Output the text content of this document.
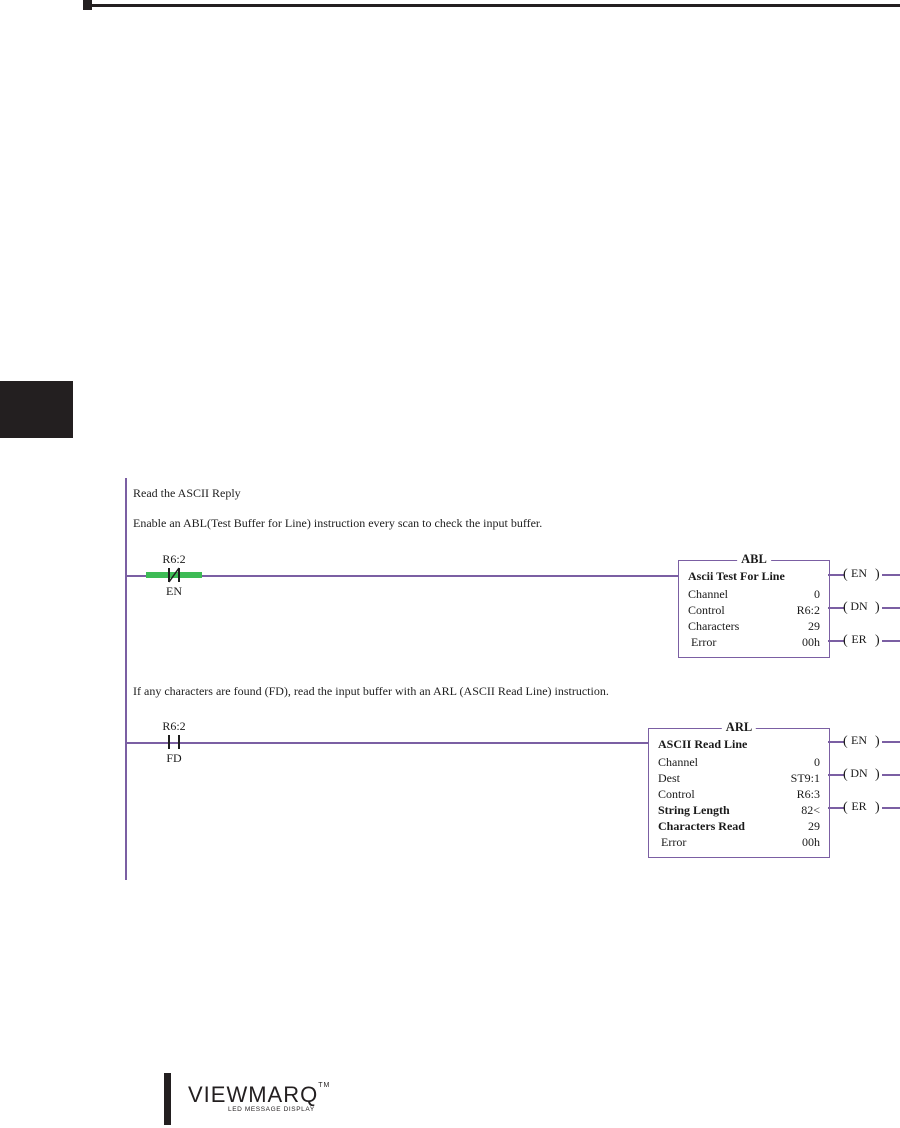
Read the ASCII Reply
Enable an ABL(Test Buffer for Line) instruction every scan to check the input buffer.
R6:2
EN
ABL
Ascii Test For Line
Channel	0
Control	R6:2
Characters	29
Error	00h
( EN )
( DN )
( ER )
If any characters are found (FD), read the input buffer with an ARL (ASCII Read Line) instruction.
R6:2
FD
ARL
ASCII Read Line
Channel	0
Dest	ST9:1
Control	R6:3
String Length	82<
Characters Read	29
Error	00h
( EN )
( DN )
( ER )
VIEWMARQ™
LED MESSAGE DISPLAY
